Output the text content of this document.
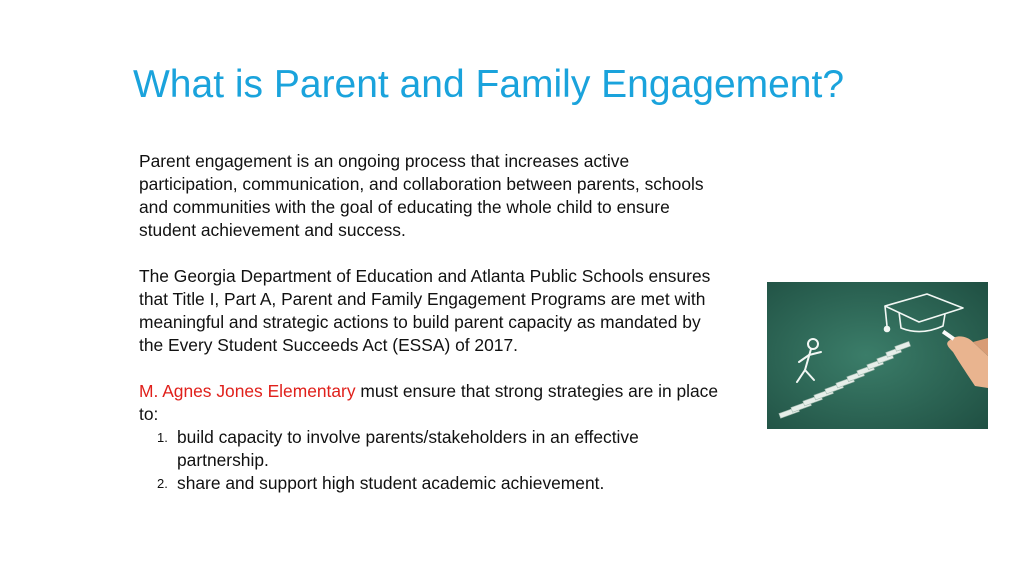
What is Parent and Family Engagement?

Parent engagement is an ongoing process that increases active participation, communication, and collaboration between parents, schools and communities with the goal of educating the whole child to ensure student achievement and success.

The Georgia Department of Education and Atlanta Public Schools ensures that Title I, Part A, Parent and Family Engagement Programs are met with meaningful and strategic actions to build parent capacity as mandated by the Every Student Succeeds Act (ESSA) of 2017.

M. Agnes Jones Elementary must ensure that strong strategies are in place to:

1. build capacity to involve parents/stakeholders in an effective partnership.
2. share and support high student academic achievement.
